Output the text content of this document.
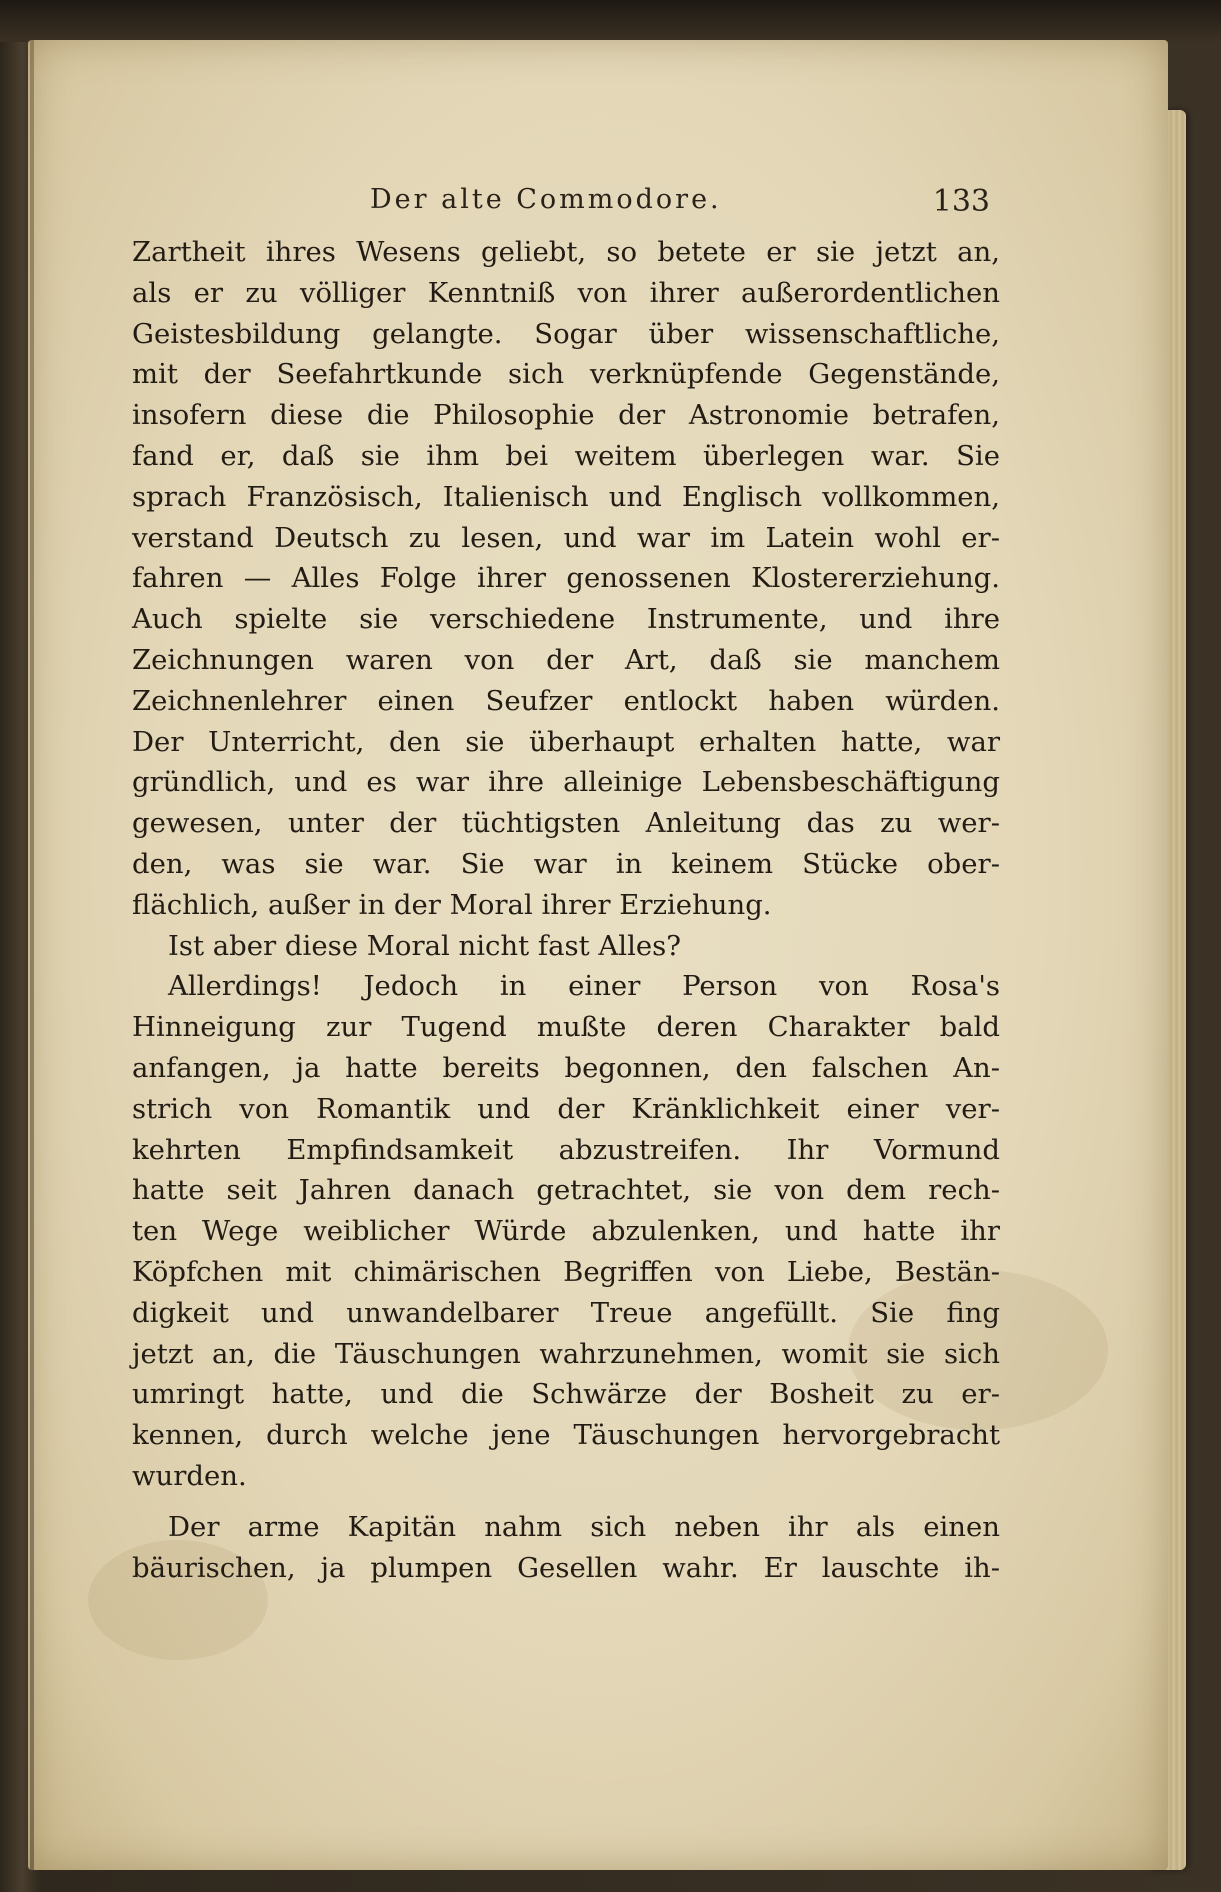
Der alte Commodore.	133
Zartheit ihres Wesens geliebt, so betete er sie jetzt an,
als er zu völliger Kenntniß von ihrer außerordentlichen
Geistesbildung gelangte. Sogar über wissenschaftliche,
mit der Seefahrtkunde sich verknüpfende Gegenstände,
insofern diese die Philosophie der Astronomie betrafen,
fand er, daß sie ihm bei weitem überlegen war. Sie
sprach Französisch, Italienisch und Englisch vollkommen,
verstand Deutsch zu lesen, und war im Latein wohl er-
fahren — Alles Folge ihrer genossenen Klostererziehung.
Auch spielte sie verschiedene Instrumente, und ihre
Zeichnungen waren von der Art, daß sie manchem
Zeichnenlehrer einen Seufzer entlockt haben würden.
Der Unterricht, den sie überhaupt erhalten hatte, war
gründlich, und es war ihre alleinige Lebensbeschäftigung
gewesen, unter der tüchtigsten Anleitung das zu wer-
den, was sie war. Sie war in keinem Stücke ober-
flächlich, außer in der Moral ihrer Erziehung.
Ist aber diese Moral nicht fast Alles?
Allerdings! Jedoch in einer Person von Rosa's
Hinneigung zur Tugend mußte deren Charakter bald
anfangen, ja hatte bereits begonnen, den falschen An-
strich von Romantik und der Kränklichkeit einer ver-
kehrten Empfindsamkeit abzustreifen. Ihr Vormund
hatte seit Jahren danach getrachtet, sie von dem rech-
ten Wege weiblicher Würde abzulenken, und hatte ihr
Köpfchen mit chimärischen Begriffen von Liebe, Bestän-
digkeit und unwandelbarer Treue angefüllt. Sie fing
jetzt an, die Täuschungen wahrzunehmen, womit sie sich
umringt hatte, und die Schwärze der Bosheit zu er-
kennen, durch welche jene Täuschungen hervorgebracht
wurden.
Der arme Kapitän nahm sich neben ihr als einen
bäurischen, ja plumpen Gesellen wahr. Er lauschte ih-
